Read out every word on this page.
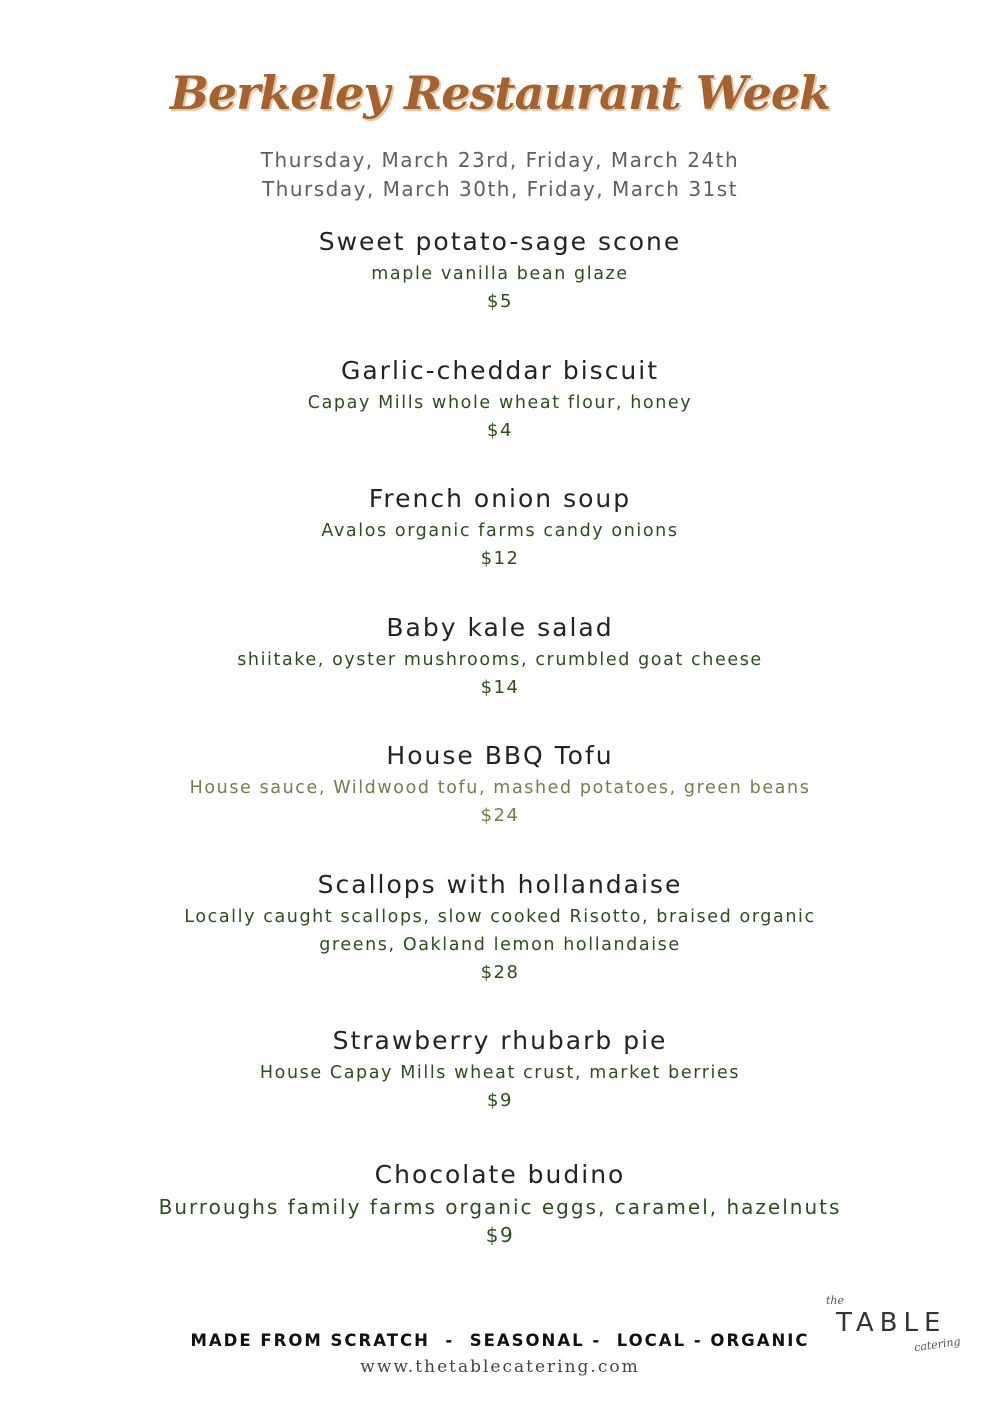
Berkeley Restaurant Week
Thursday, March 23rd, Friday, March 24th
Thursday, March 30th, Friday, March 31st
Sweet potato-sage scone
maple vanilla bean glaze
$5
Garlic-cheddar biscuit
Capay Mills whole wheat flour, honey
$4
French onion soup
Avalos organic farms candy onions
$12
Baby kale salad
shiitake, oyster mushrooms, crumbled goat cheese
$14
House BBQ Tofu
House sauce, Wildwood tofu, mashed potatoes, green beans
$24
Scallops with hollandaise
Locally caught scallops, slow cooked Risotto, braised organic greens, Oakland lemon hollandaise
$28
Strawberry rhubarb pie
House Capay Mills wheat crust, market berries
$9
Chocolate budino
Burroughs family farms organic eggs, caramel, hazelnuts
$9
MADE FROM SCRATCH  -  SEASONAL -  LOCAL - ORGANIC
www.thetablecatering.com
the
TABLE
catering
